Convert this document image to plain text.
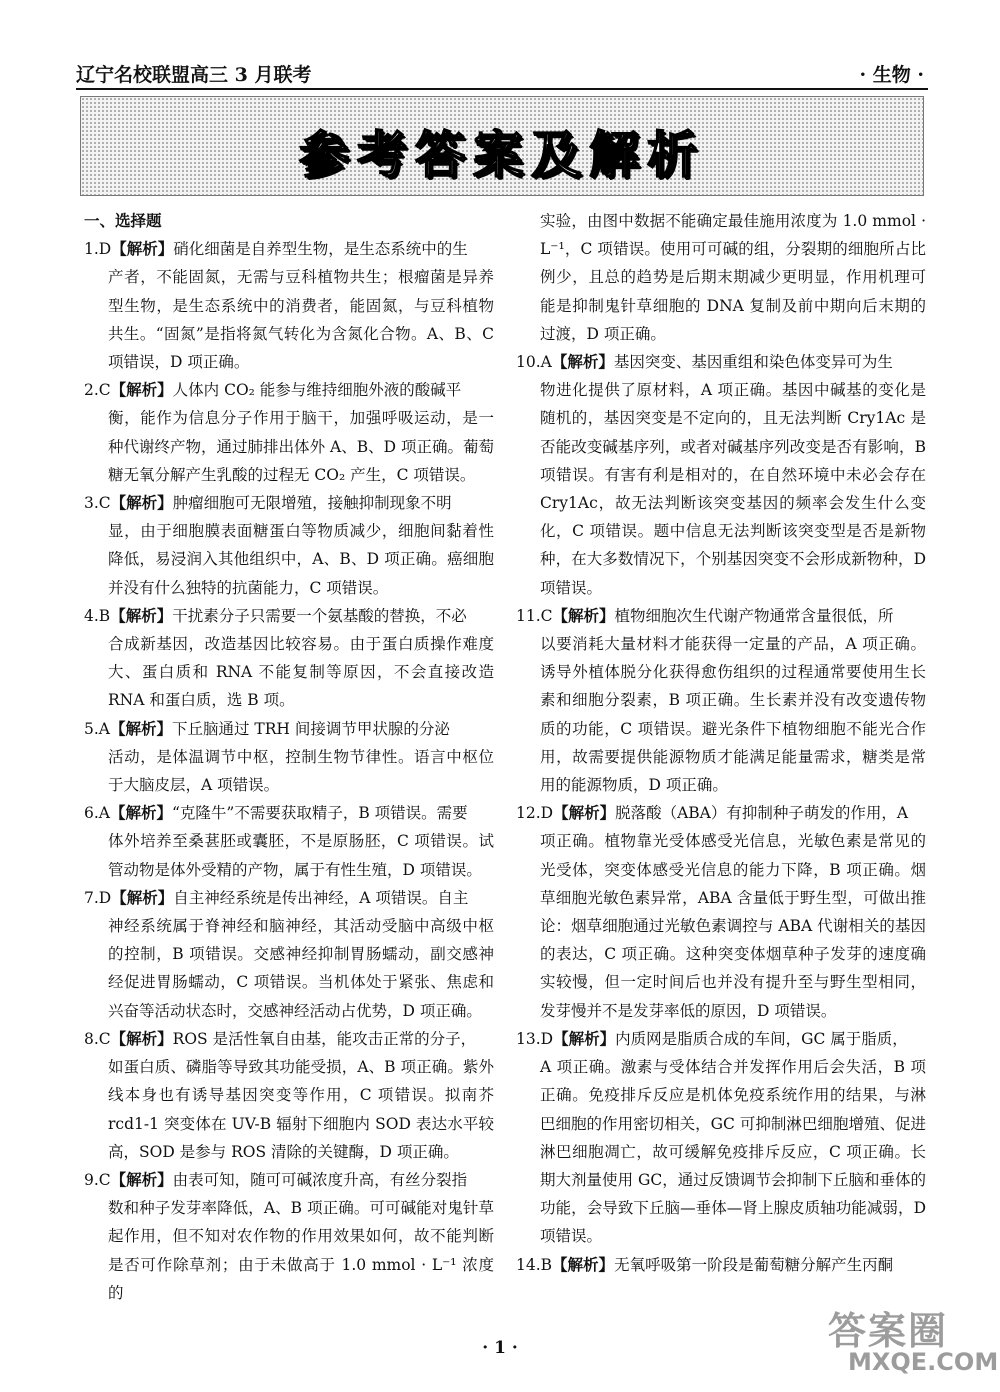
辽宁名校联盟高三 3 月联考	· 生物 ·
参考答案及解析
一、选择题
1.D【解析】硝化细菌是自养型生物，是生态系统中的生
产者，不能固氮，无需与豆科植物共生；根瘤菌是异养型生物，是生态系统中的消费者，能固氮，与豆科植物共生。“固氮”是指将氮气转化为含氮化合物。A、B、C 项错误，D 项正确。
2.C【解析】人体内 CO₂ 能参与维持细胞外液的酸碱平
衡，能作为信息分子作用于脑干，加强呼吸运动，是一种代谢终产物，通过肺排出体外 A、B、D 项正确。葡萄糖无氧分解产生乳酸的过程无 CO₂ 产生，C 项错误。
3.C【解析】肿瘤细胞可无限增殖，接触抑制现象不明
显，由于细胞膜表面糖蛋白等物质减少，细胞间黏着性降低，易浸润入其他组织中，A、B、D 项正确。癌细胞并没有什么独特的抗菌能力，C 项错误。
4.B【解析】干扰素分子只需要一个氨基酸的替换，不必
合成新基因，改造基因比较容易。由于蛋白质操作难度大、蛋白质和 RNA 不能复制等原因，不会直接改造 RNA 和蛋白质，选 B 项。
5.A【解析】下丘脑通过 TRH 间接调节甲状腺的分泌
活动，是体温调节中枢，控制生物节律性。语言中枢位于大脑皮层，A 项错误。
6.A【解析】“克隆牛”不需要获取精子，B 项错误。需要
体外培养至桑葚胚或囊胚，不是原肠胚，C 项错误。试管动物是体外受精的产物，属于有性生殖，D 项错误。
7.D【解析】自主神经系统是传出神经，A 项错误。自主
神经系统属于脊神经和脑神经，其活动受脑中高级中枢的控制，B 项错误。交感神经抑制胃肠蠕动，副交感神经促进胃肠蠕动，C 项错误。当机体处于紧张、焦虑和兴奋等活动状态时，交感神经活动占优势，D 项正确。
8.C【解析】ROS 是活性氧自由基，能攻击正常的分子，
如蛋白质、磷脂等导致其功能受损，A、B 项正确。紫外线本身也有诱导基因突变等作用，C 项错误。拟南芥 rcd1-1 突变体在 UV-B 辐射下细胞内 SOD 表达水平较高，SOD 是参与 ROS 清除的关键酶，D 项正确。
9.C【解析】由表可知，随可可碱浓度升高，有丝分裂指
数和种子发芽率降低，A、B 项正确。可可碱能对鬼针草起作用，但不知对农作物的作用效果如何，故不能判断是否可作除草剂；由于未做高于 1.0 mmol · L⁻¹ 浓度的
实验，由图中数据不能确定最佳施用浓度为 1.0 mmol · L⁻¹，C 项错误。使用可可碱的组，分裂期的细胞所占比例少，且总的趋势是后期末期减少更明显，作用机理可能是抑制鬼针草细胞的 DNA 复制及前中期向后末期的过渡，D 项正确。
10.A【解析】基因突变、基因重组和染色体变异可为生
物进化提供了原材料，A 项正确。基因中碱基的变化是随机的，基因突变是不定向的，且无法判断 Cry1Ac 是否能改变碱基序列，或者对碱基序列改变是否有影响，B 项错误。有害有利是相对的，在自然环境中未必会存在 Cry1Ac，故无法判断该突变基因的频率会发生什么变化，C 项错误。题中信息无法判断该突变型是否是新物种，在大多数情况下，个别基因突变不会形成新物种，D 项错误。
11.C【解析】植物细胞次生代谢产物通常含量很低，所
以要消耗大量材料才能获得一定量的产品，A 项正确。诱导外植体脱分化获得愈伤组织的过程通常要使用生长素和细胞分裂素，B 项正确。生长素并没有改变遗传物质的功能，C 项错误。避光条件下植物细胞不能光合作用，故需要提供能源物质才能满足能量需求，糖类是常用的能源物质，D 项正确。
12.D【解析】脱落酸（ABA）有抑制种子萌发的作用，A
项正确。植物靠光受体感受光信息，光敏色素是常见的光受体，突变体感受光信息的能力下降，B 项正确。烟草细胞光敏色素异常，ABA 含量低于野生型，可做出推论：烟草细胞通过光敏色素调控与 ABA 代谢相关的基因的表达，C 项正确。这种突变体烟草种子发芽的速度确实较慢，但一定时间后也并没有提升至与野生型相同，发芽慢并不是发芽率低的原因，D 项错误。
13.D【解析】内质网是脂质合成的车间，GC 属于脂质，
A 项正确。激素与受体结合并发挥作用后会失活，B 项正确。免疫排斥反应是机体免疫系统作用的结果，与淋巴细胞的作用密切相关，GC 可抑制淋巴细胞增殖、促进淋巴细胞凋亡，故可缓解免疫排斥反应，C 项正确。长期大剂量使用 GC，通过反馈调节会抑制下丘脑和垂体的功能，会导致下丘脑—垂体—肾上腺皮质轴功能减弱，D 项错误。
14.B【解析】无氧呼吸第一阶段是葡萄糖分解产生丙酮
· 1 ·	答案圈
MXQE.COM
